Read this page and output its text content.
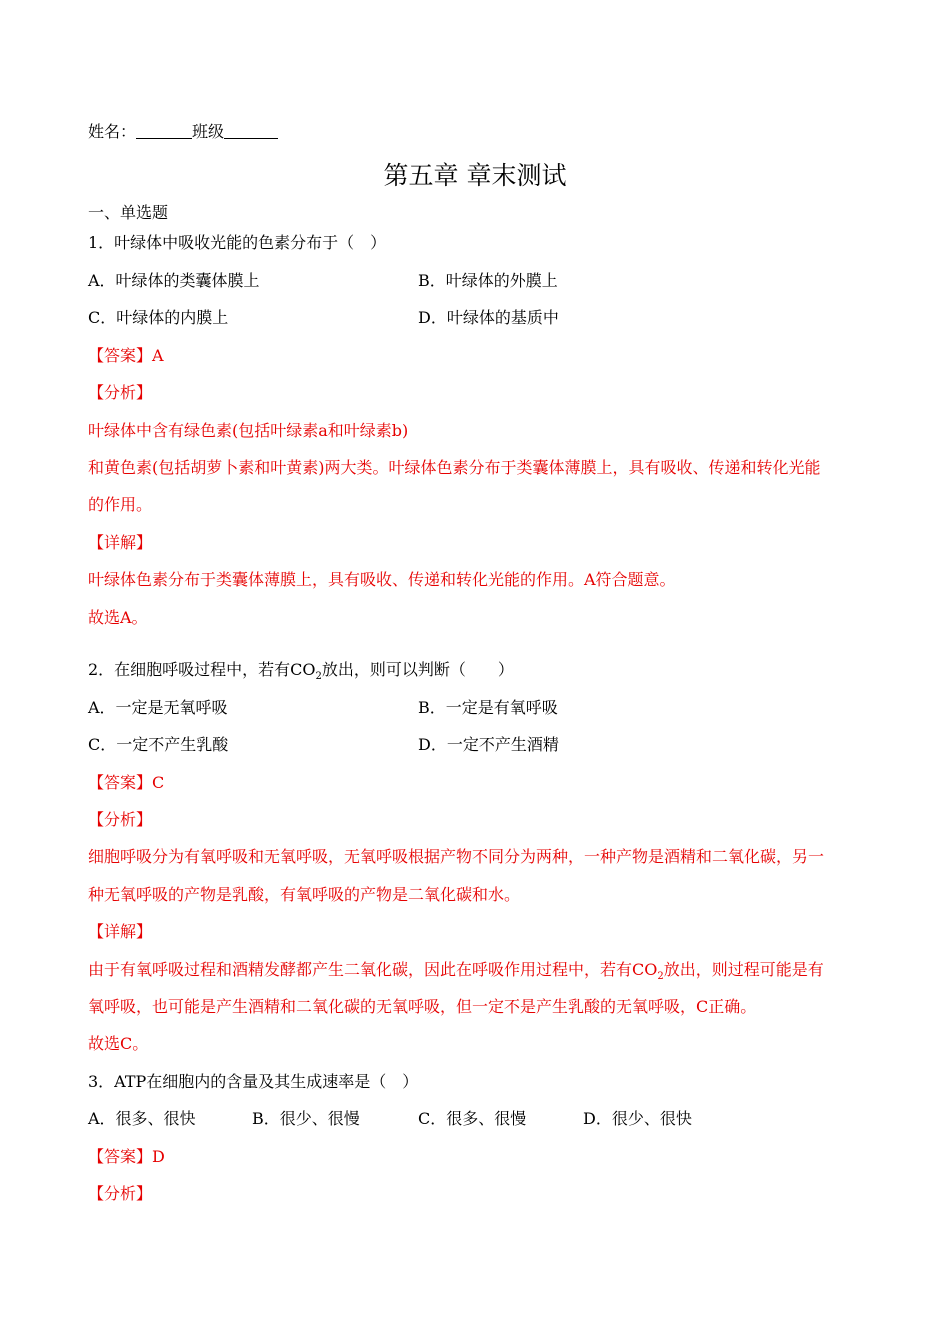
姓名：	班级
第五章 章末测试
一、单选题
1．叶绿体中吸收光能的色素分布于（　）
A．叶绿体的类囊体膜上	B．叶绿体的外膜上
C．叶绿体的内膜上	D．叶绿体的基质中
【答案】A
【分析】
叶绿体中含有绿色素(包括叶绿素a和叶绿素b)
和黄色素(包括胡萝卜素和叶黄素)两大类。叶绿体色素分布于类囊体薄膜上，具有吸收、传递和转化光能
的作用。
【详解】
叶绿体色素分布于类囊体薄膜上，具有吸收、传递和转化光能的作用。A符合题意。
故选A。
2．在细胞呼吸过程中，若有$CO_2$放出，则可以判断（　　）
A．一定是无氧呼吸	B．一定是有氧呼吸
C．一定不产生乳酸	D．一定不产生酒精
【答案】C
【分析】
细胞呼吸分为有氧呼吸和无氧呼吸，无氧呼吸根据产物不同分为两种，一种产物是酒精和二氧化碳，另一
种无氧呼吸的产物是乳酸，有氧呼吸的产物是二氧化碳和水。
【详解】
由于有氧呼吸过程和酒精发酵都产生二氧化碳，因此在呼吸作用过程中，若有$CO_2$放出，则过程可能是有
氧呼吸，也可能是产生酒精和二氧化碳的无氧呼吸，但一定不是产生乳酸的无氧呼吸，C正确。
故选C。
3．ATP在细胞内的含量及其生成速率是（　）
A．很多、很快	B．很少、很慢	C．很多、很慢	D．很少、很快
【答案】D
【分析】
